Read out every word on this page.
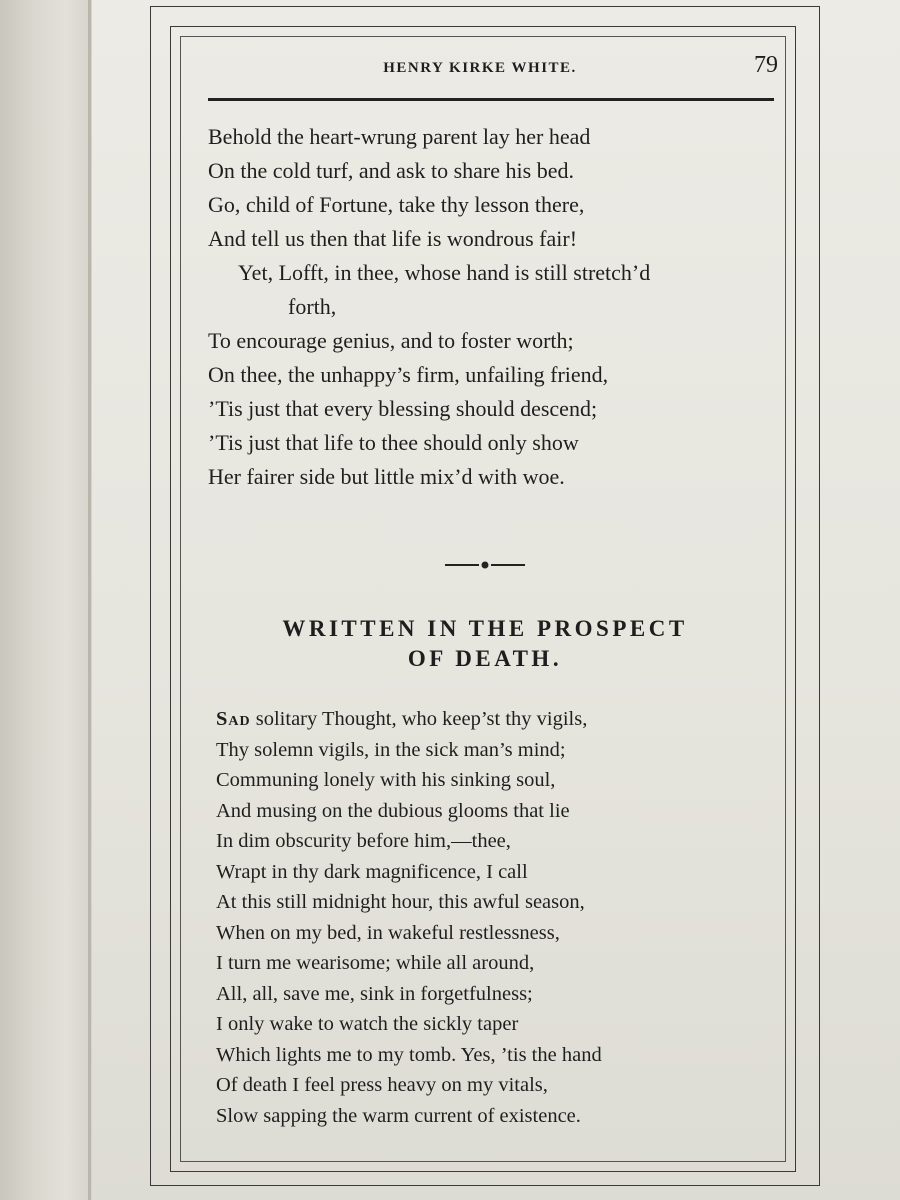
HENRY KIRKE WHITE.	79
Behold the heart-wrung parent lay her head
On the cold turf, and ask to share his bed.
Go, child of Fortune, take thy lesson there,
And tell us then that life is wondrous fair!
Yet, Lofft, in thee, whose hand is still stretch’d
forth,
To encourage genius, and to foster worth;
On thee, the unhappy’s firm, unfailing friend,
’Tis just that every blessing should descend;
’Tis just that life to thee should only show
Her fairer side but little mix’d with woe.
WRITTEN IN THE PROSPECT
OF DEATH.
Sad solitary Thought, who keep’st thy vigils,
Thy solemn vigils, in the sick man’s mind;
Communing lonely with his sinking soul,
And musing on the dubious glooms that lie
In dim obscurity before him,—thee,
Wrapt in thy dark magnificence, I call
At this still midnight hour, this awful season,
When on my bed, in wakeful restlessness,
I turn me wearisome; while all around,
All, all, save me, sink in forgetfulness;
I only wake to watch the sickly taper
Which lights me to my tomb. Yes, ’tis the hand
Of death I feel press heavy on my vitals,
Slow sapping the warm current of existence.
